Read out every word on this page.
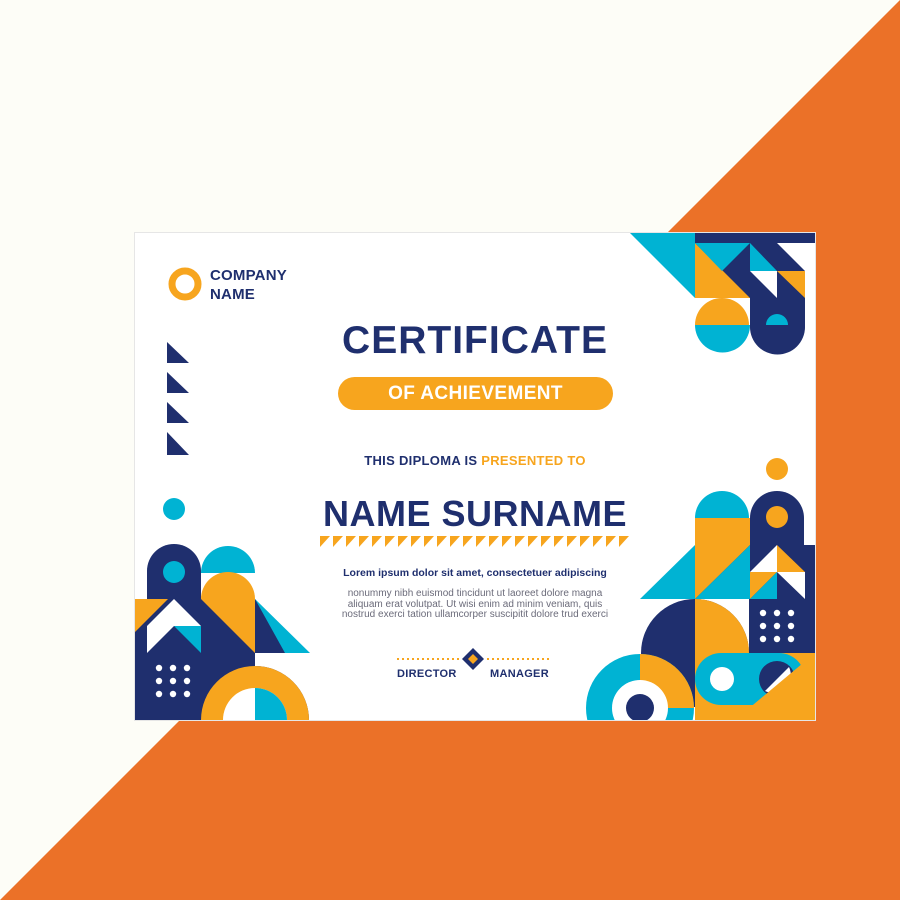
COMPANY
NAME
CERTIFICATE
OF ACHIEVEMENT

THIS DIPLOMA IS PRESENTED TO

NAME SURNAME

Lorem ipsum dolor sit amet, consectetuer adipiscing

nonummy nibh euismod tincidunt ut laoreet dolore magna aliquam erat volutpat. Ut wisi enim ad minim veniam, quis nostrud exerci tation ullamcorper suscipitit dolore trud exerci

DIRECTOR	MANAGER
